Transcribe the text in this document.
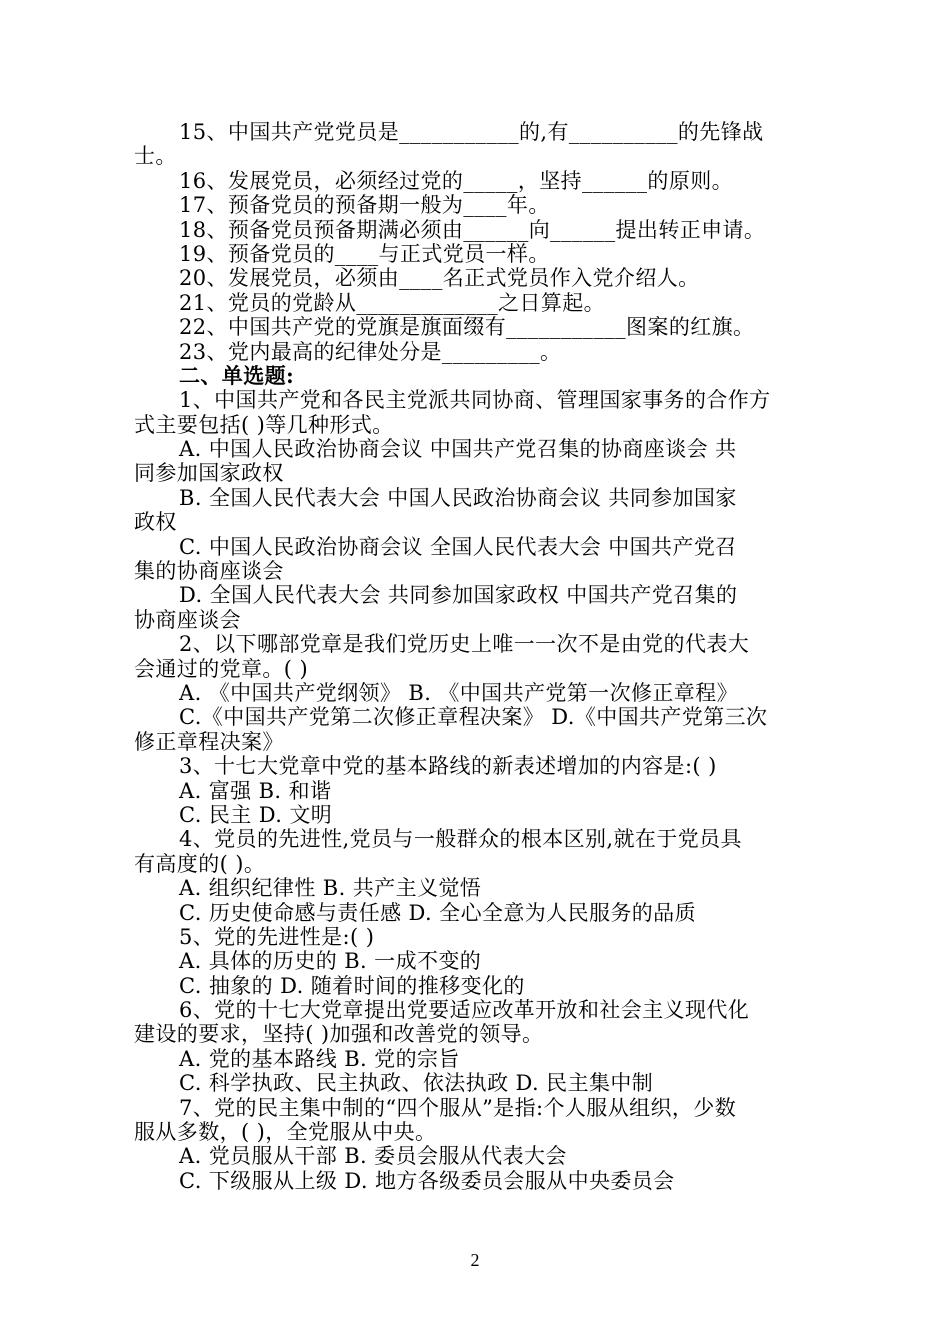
15、中国共产党党员是___________的,有__________的先锋战
士。
16、发展党员，必须经过党的_____，坚持______的原则。
17、预备党员的预备期一般为____年。
18、预备党员预备期满必须由______向______提出转正申请。
19、预备党员的____与正式党员一样。
20、发展党员，必须由____名正式党员作入党介绍人。
21、党员的党龄从_____________之日算起。
22、中国共产党的党旗是旗面缀有___________图案的红旗。
23、党内最高的纪律处分是_________。
二、单选题:
1、中国共产党和各民主党派共同协商、管理国家事务的合作方
式主要包括( )等几种形式。
A. 中国人民政治协商会议 中国共产党召集的协商座谈会 共
同参加国家政权
B. 全国人民代表大会 中国人民政治协商会议 共同参加国家
政权
C. 中国人民政治协商会议 全国人民代表大会 中国共产党召
集的协商座谈会
D. 全国人民代表大会 共同参加国家政权 中国共产党召集的
协商座谈会
2、以下哪部党章是我们党历史上唯一一次不是由党的代表大
会通过的党章。( )
A. 《中国共产党纲领》 B. 《中国共产党第一次修正章程》
C.《中国共产党第二次修正章程决案》 D.《中国共产党第三次
修正章程决案》
3、十七大党章中党的基本路线的新表述增加的内容是:( )
A. 富强 B. 和谐
C. 民主 D. 文明
4、党员的先进性,党员与一般群众的根本区别,就在于党员具
有高度的( )。
A. 组织纪律性 B. 共产主义觉悟
C. 历史使命感与责任感 D. 全心全意为人民服务的品质
5、党的先进性是:( )
A. 具体的历史的 B. 一成不变的
C. 抽象的 D. 随着时间的推移变化的
6、党的十七大党章提出党要适应改革开放和社会主义现代化
建设的要求，坚持( )加强和改善党的领导。
A. 党的基本路线 B. 党的宗旨
C. 科学执政、民主执政、依法执政 D. 民主集中制
7、党的民主集中制的“四个服从”是指:个人服从组织，少数
服从多数，( )，全党服从中央。
A. 党员服从干部 B. 委员会服从代表大会
C. 下级服从上级 D. 地方各级委员会服从中央委员会
2
